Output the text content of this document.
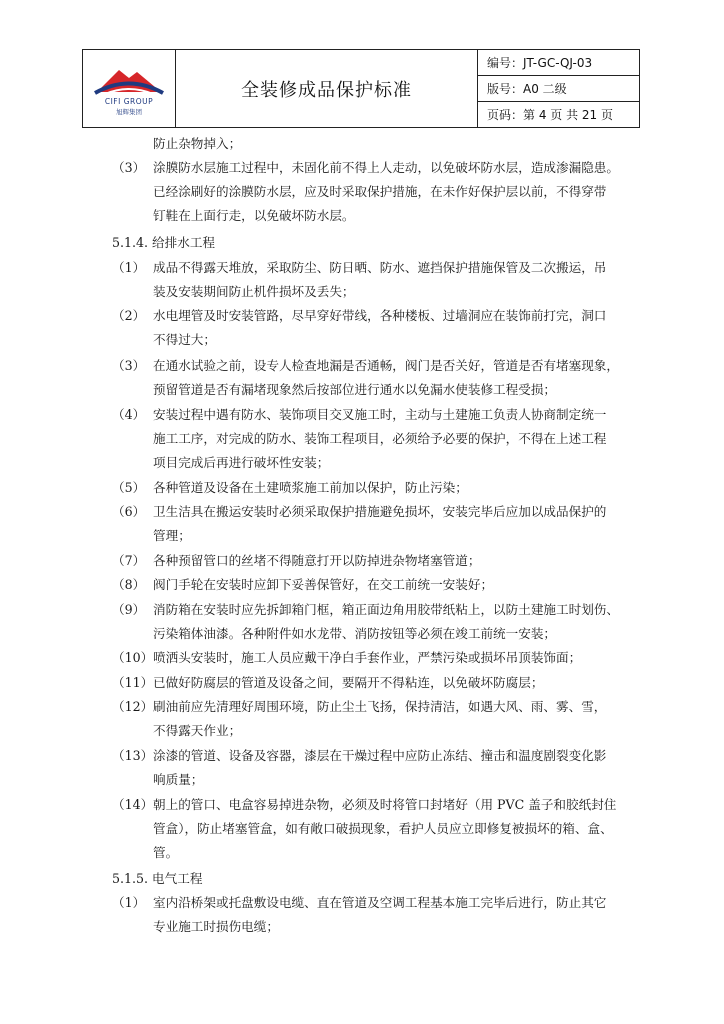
CIFI GROUP
旭辉集团
全装修成品保护标准
编号：JT-GC-QJ-03
版号：A0 二级
页码：第 4 页 共 21 页
防止杂物掉入；
（3） 涂膜防水层施工过程中，未固化前不得上人走动，以免破坏防水层，造成渗漏隐患。
已经涂刷好的涂膜防水层，应及时采取保护措施，在未作好保护层以前，不得穿带
钉鞋在上面行走，以免破坏防水层。
5.1.4. 给排水工程
（1） 成品不得露天堆放，采取防尘、防日晒、防水、遮挡保护措施保管及二次搬运，吊
装及安装期间防止机件损坏及丢失；
（2） 水电埋管及时安装管路，尽早穿好带线，各种楼板、过墙洞应在装饰前打完，洞口
不得过大；
（3） 在通水试验之前，设专人检查地漏是否通畅，阀门是否关好，管道是否有堵塞现象，
预留管道是否有漏堵现象然后按部位进行通水以免漏水使装修工程受损；
（4） 安装过程中遇有防水、装饰项目交叉施工时，主动与土建施工负责人协商制定统一
施工工序，对完成的防水、装饰工程项目，必须给予必要的保护，不得在上述工程
项目完成后再进行破坏性安装；
（5） 各种管道及设备在土建喷浆施工前加以保护，防止污染；
（6） 卫生洁具在搬运安装时必须采取保护措施避免损坏，安装完毕后应加以成品保护的
管理；
（7） 各种预留管口的丝堵不得随意打开以防掉进杂物堵塞管道；
（8） 阀门手轮在安装时应卸下妥善保管好，在交工前统一安装好；
（9） 消防箱在安装时应先拆卸箱门框，箱正面边角用胶带纸粘上，以防土建施工时划伤、
污染箱体油漆。各种附件如水龙带、消防按钮等必须在竣工前统一安装；
（10） 喷洒头安装时，施工人员应戴干净白手套作业，严禁污染或损坏吊顶装饰面；
（11） 已做好防腐层的管道及设备之间，要隔开不得粘连，以免破坏防腐层；
（12） 刷油前应先清理好周围环境，防止尘土飞扬，保持清洁，如遇大风、雨、雾、雪，
不得露天作业；
（13） 涂漆的管道、设备及容器，漆层在干燥过程中应防止冻结、撞击和温度剧裂变化影
响质量；
（14） 朝上的管口、电盒容易掉进杂物，必须及时将管口封堵好（用 PVC 盖子和胶纸封住
管盒），防止堵塞管盒，如有敞口破损现象，看护人员应立即修复被损坏的箱、盒、
管。
5.1.5. 电气工程
（1） 室内沿桥架或托盘敷设电缆、直在管道及空调工程基本施工完毕后进行，防止其它
专业施工时损伤电缆；
